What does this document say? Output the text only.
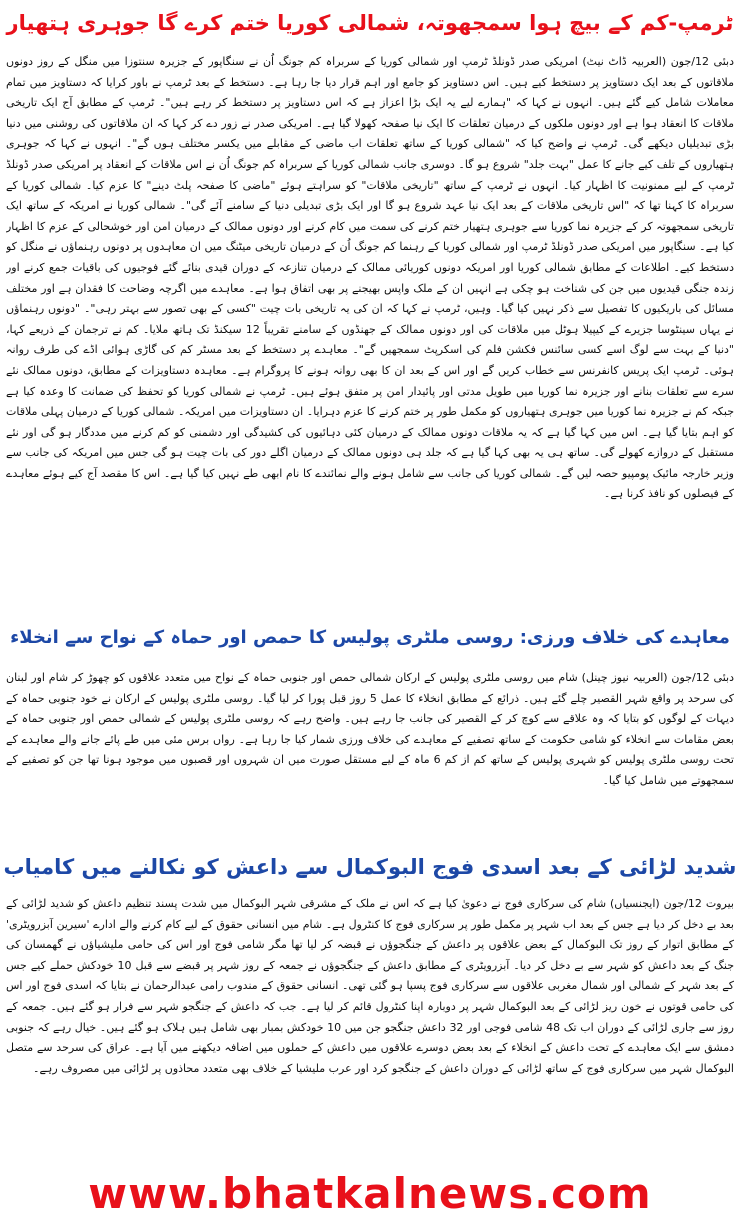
ٹرمپ-کم کے بیچ ہوا سمجھوتہ، شمالی کوریا ختم کرے گا جوہری ہتھیار

دبئی 12/جون (العربیہ ڈاٹ نیٹ) امریکی صدر ڈونلڈ ٹرمپ اور شمالی کوریا کے سربراہ کم جونگ اُن نے سنگاپور کے جزیرہ سنتوزا میں منگل کے روز دونوں ملاقاتوں کے بعد ایک دستاویز پر دستخط کیے ہیں۔ اس دستاویز کو جامع اور اہم قرار دیا جا رہا ہے۔ دستخط کے بعد ٹرمپ نے باور کرایا کہ دستاویز میں تمام معاملات شامل کیے گئے ہیں۔ انہوں نے کہا کہ "ہمارے لیے یہ ایک بڑا اعزاز ہے کہ اس دستاویز پر دستخط کر رہے ہیں"۔ ٹرمپ کے مطابق آج ایک تاریخی ملاقات کا انعقاد ہوا ہے اور دونوں ملکوں کے درمیان تعلقات کا ایک نیا صفحہ کھولا گیا ہے۔ امریکی صدر نے زور دے کر کہا کہ ان ملاقاتوں کی روشنی میں دنیا بڑی تبدیلیاں دیکھے گی۔ ٹرمپ نے واضح کیا کہ "شمالی کوریا کے ساتھ تعلقات اب ماضی کے مقابلے میں یکسر مختلف ہوں گے"۔ انہوں نے کہا کہ جوہری ہتھیاروں کے تلف کیے جانے کا عمل "بہت جلد" شروع ہو گا۔ دوسری جانب شمالی کوریا کے سربراہ کم جونگ اُن نے اس ملاقات کے انعقاد پر امریکی صدر ڈونلڈ ٹرمپ کے لیے ممنونیت کا اظہار کیا۔ انہوں نے ٹرمپ کے ساتھ "تاریخی ملاقات" کو سراہتے ہوئے "ماضی کا صفحہ پلٹ دینے" کا عزم کیا۔ شمالی کوریا کے سربراہ کا کہنا تھا کہ "اس تاریخی ملاقات کے بعد ایک نیا عہد شروع ہو گا اور ایک بڑی تبدیلی دنیا کے سامنے آئے گی"۔ شمالی کوریا نے امریکہ کے ساتھ ایک تاریخی سمجھوتہ کر کے جزیرہ نما کوریا سے جوہری ہتھیار ختم کرنے کی سمت میں کام کرنے اور دونوں ممالک کے درمیان امن اور خوشحالی کے عزم کا اظہار کیا ہے۔ سنگاپور میں امریکی صدر ڈونلڈ ٹرمپ اور شمالی کوریا کے رہنما کم جونگ اُن کے درمیان تاریخی میٹنگ میں ان معاہدوں پر دونوں رہنماؤں نے منگل کو دستخط کیے۔ اطلاعات کے مطابق شمالی کوریا اور امریکہ دونوں کوریائی ممالک کے درمیان تنازعہ کے دوران قیدی بنائے گئے فوجیوں کی باقیات جمع کرنے اور زندہ جنگی قیدیوں میں جن کی شناخت ہو چکی ہے انہیں ان کے ملک واپس بھیجنے پر بھی اتفاق ہوا ہے۔ معاہدے میں اگرچہ وضاحت کا فقدان ہے اور مختلف مسائل کی باریکیوں کا تفصیل سے ذکر نہیں کیا گیا۔ وہیں، ٹرمپ نے کہا کہ ان کی یہ تاریخی بات چیت "کسی کے بھی تصور سے بہتر رہی"۔ "دونوں رہنماؤں نے یہاں سینٹوسا جزیرے کے کیپیلا ہوٹل میں ملاقات کی اور دونوں ممالک کے جھنڈوں کے سامنے تقریباً 12 سیکنڈ تک ہاتھ ملایا۔ کم نے ترجمان کے ذریعے کہا، "دنیا کے بہت سے لوگ اسے کسی سائنس فکشن فلم کی اسکرپٹ سمجھیں گے"۔ معاہدے پر دستخط کے بعد مسٹر کم کی گاڑی ہوائی اڈے کی طرف روانہ ہوئی۔ ٹرمپ ایک پریس کانفرنس سے خطاب کریں گے اور اس کے بعد ان کا بھی روانہ ہونے کا پروگرام ہے۔ معاہدہ دستاویزات کے مطابق، دونوں ممالک نئے سرے سے تعلقات بنانے اور جزیرہ نما کوریا میں طویل مدتی اور پائیدار امن پر متفق ہوئے ہیں۔ ٹرمپ نے شمالی کوریا کو تحفظ کی ضمانت کا وعدہ کیا ہے جبکہ کم نے جزیرہ نما کوریا میں جوہری ہتھیاروں کو مکمل طور پر ختم کرنے کا عزم دہرایا۔ ان دستاویزات میں امریکہ۔ شمالی کوریا کے درمیان پہلی ملاقات کو اہم بتایا گیا ہے۔ اس میں کہا گیا ہے کہ یہ ملاقات دونوں ممالک کے درمیان کئی دہائیوں کی کشیدگی اور دشمنی کو کم کرنے میں مددگار ہو گی اور نئے مستقبل کے دروازے کھولے گی۔ ساتھ ہی یہ بھی کہا گیا ہے کہ جلد ہی دونوں ممالک کے درمیان اگلے دور کی بات چیت ہو گی جس میں امریکہ کی جانب سے وزیر خارجہ مائیک پومپیو حصہ لیں گے۔ شمالی کوریا کی جانب سے شامل ہونے والے نمائندے کا نام ابھی طے نہیں کیا گیا ہے۔ اس کا مقصد آج کیے ہوئے معاہدے کے فیصلوں کو نافذ کرنا ہے۔

معاہدے کی خلاف ورزی: روسی ملٹری پولیس کا حمص اور حماہ کے نواح سے انخلاء

دبئی 12/جون (العربیہ نیوز چینل) شام میں روسی ملٹری پولیس کے ارکان شمالی حمص اور جنوبی حماہ کے نواح میں متعدد علاقوں کو چھوڑ کر شام اور لبنان کی سرحد پر واقع شہر القصیر چلے گئے ہیں۔ ذرائع کے مطابق انخلاء کا عمل 5 روز قبل پورا کر لیا گیا۔ روسی ملٹری پولیس کے ارکان نے خود جنوبی حماہ کے دیہات کے لوگوں کو بتایا کہ وہ علاقے سے کوچ کر کے القصیر کی جانب جا رہے ہیں۔ واضح رہے کہ روسی ملٹری پولیس کے شمالی حمص اور جنوبی حماہ کے بعض مقامات سے انخلاء کو شامی حکومت کے ساتھ تصفیے کے معاہدے کی خلاف ورزی شمار کیا جا رہا ہے۔ رواں برس مئی میں طے پائے جانے والے معاہدے کے تحت روسی ملٹری پولیس کو شہری پولیس کے ساتھ کم از کم 6 ماہ کے لیے مستقل صورت میں ان شہروں اور قصبوں میں موجود ہونا تھا جن کو تصفیے کے سمجھوتے میں شامل کیا گیا۔

شدید لڑائی کے بعد اسدی فوج البوکمال سے داعش کو نکالنے میں کامیاب

بیروت 12/جون (ایجنسیاں) شام کی سرکاری فوج نے دعویٰ کیا ہے کہ اس نے ملک کے مشرقی شہر البوکمال میں شدت پسند تنظیم داعش کو شدید لڑائی کے بعد بے دخل کر دیا ہے جس کے بعد اب شہر پر مکمل طور پر سرکاری فوج کا کنٹرول ہے۔ شام میں انسانی حقوق کے لیے کام کرنے والے ادارے 'سیرین آبزرویٹری' کے مطابق اتوار کے روز تک البوکمال کے بعض علاقوں پر داعش کے جنگجوؤں نے قبضہ کر لیا تھا مگر شامی فوج اور اس کی حامی ملیشیاؤں نے گھمسان کی جنگ کے بعد داعش کو شہر سے بے دخل کر دیا۔ آبزرویٹری کے مطابق داعش کے جنگجوؤں نے جمعہ کے روز شہر پر قبضے سے قبل 10 خودکش حملے کیے جس کے بعد شہر کے شمالی اور شمال مغربی علاقوں سے سرکاری فوج پسپا ہو گئی تھی۔ انسانی حقوق کے مندوب رامی عبدالرحمان نے بتایا کہ اسدی فوج اور اس کی حامی قوتوں نے خون ریز لڑائی کے بعد البوکمال شہر پر دوبارہ اپنا کنٹرول قائم کر لیا ہے۔ جب کہ داعش کے جنگجو شہر سے فرار ہو گئے ہیں۔ جمعہ کے روز سے جاری لڑائی کے دوران اب تک 48 شامی فوجی اور 32 داعش جنگجو جن میں 10 خودکش بمبار بھی شامل ہیں ہلاک ہو گئے ہیں۔ خیال رہے کہ جنوبی دمشق سے ایک معاہدے کے تحت داعش کے انخلاء کے بعد بعض دوسرے علاقوں میں داعش کے حملوں میں اضافہ دیکھنے میں آیا ہے۔ عراق کی سرحد سے متصل البوکمال شہر میں سرکاری فوج کے ساتھ لڑائی کے دوران داعش کے جنگجو کرد اور عرب ملیشیا کے خلاف بھی متعدد محاذوں پر لڑائی میں مصروف رہے۔

www.bhatkalnews.com
